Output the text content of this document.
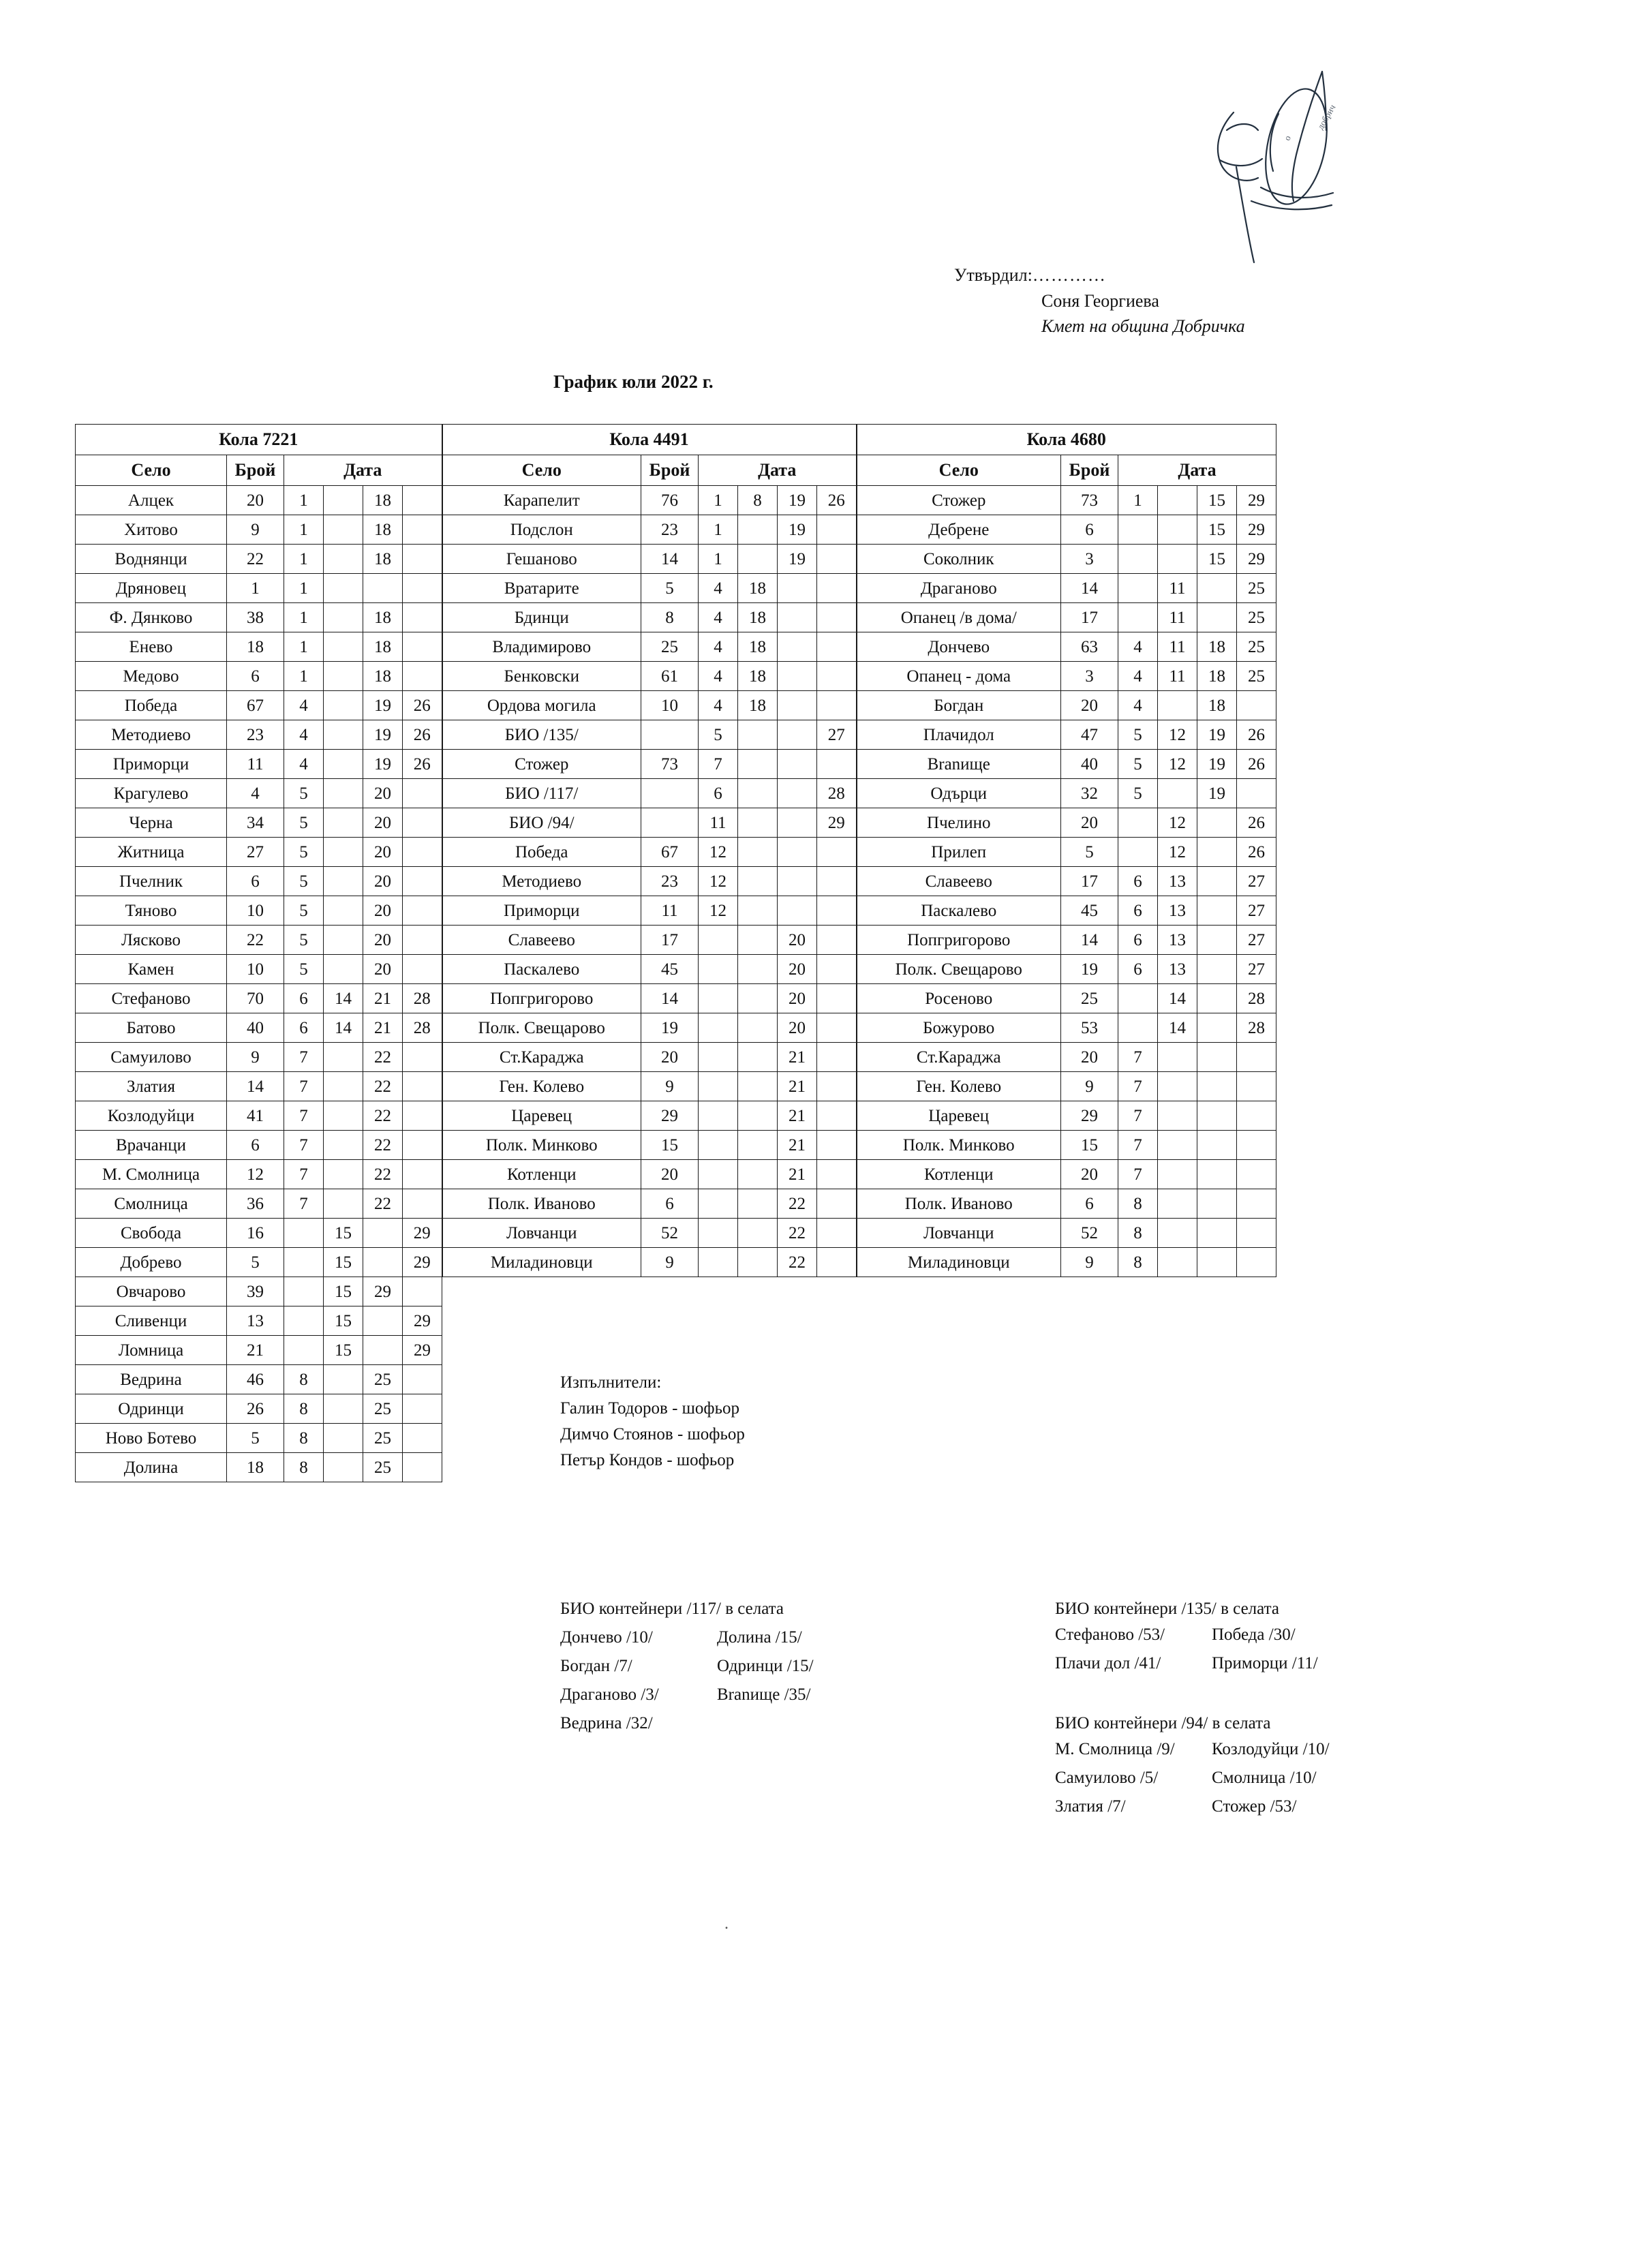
о
добрич
Утвърдил:…………
Соня Георгиева
Кмет на община Добричка
График юли 2022 г.
Кола 7221						Кола 4491						Кола 4680					
Село	Брой	Дата				Село	Брой	Дата				Село	Брой	Дата			
Алцек	20	1		18		Карапелит	76	1	8	19	26	Стожер	73	1		15	29
Хитово	9	1		18		Подслон	23	1		19		Дебрене	6			15	29
Воднянци	22	1		18		Гешаново	14	1		19		Соколник	3			15	29
Дряновец	1	1				Вратарите	5	4	18			Драганово	14		11		25
Ф. Дянково	38	1		18		Бдинци	8	4	18			Опанец /в дома/	17		11		25
Енево	18	1		18		Владимирово	25	4	18			Дончево	63	4	11	18	25
Медово	6	1		18		Бенковски	61	4	18			Опанец - дома	3	4	11	18	25
Победа	67	4		19	26	Ордова могила	10	4	18			Богдан	20	4		18	
Методиево	23	4		19	26	БИО /135/		5			27	Плачидол	47	5	12	19	26
Приморци	11	4		19	26	Стожер	73	7				Branище	40	5	12	19	26
Крагулево	4	5		20		БИО /117/		6			28	Одърци	32	5		19	
Черна	34	5		20		БИО /94/		11			29	Пчелино	20		12		26
Житница	27	5		20		Победа	67	12				Прилеп	5		12		26
Пчелник	6	5		20		Методиево	23	12				Славеево	17	6	13		27
Тяново	10	5		20		Приморци	11	12				Паскалево	45	6	13		27
Лясково	22	5		20		Славеево	17			20		Попгригорово	14	6	13		27
Камен	10	5		20		Паскалево	45			20		Полк. Свещарово	19	6	13		27
Стефаново	70	6	14	21	28	Попгригорово	14			20		Росеново	25		14		28
Батово	40	6	14	21	28	Полк. Свещарово	19			20		Божурово	53		14		28
Самуилово	9	7		22		Ст.Караджа	20			21		Ст.Караджа	20	7			
Златия	14	7		22		Ген. Колево	9			21		Ген. Колево	9	7			
Козлодуйци	41	7		22		Царевец	29			21		Царевец	29	7			
Врачанци	6	7		22		Полк. Минково	15			21		Полк. Минково	15	7			
М. Смолница	12	7		22		Котленци	20			21		Котленци	20	7			
Смолница	36	7		22		Полк. Иваново	6			22		Полк. Иваново	6	8			
Свобода	16		15		29	Ловчанци	52			22		Ловчанци	52	8			
Добрево	5		15		29	Миладиновци	9			22		Миладиновци	9	8			
Овчарово	39		15	29													
Сливенци	13		15		29												
Ломница	21		15		29												
Ведрина	46	8		25													
Одринци	26	8		25													
Ново Ботево	5	8		25													
Долина	18	8		25													
Изпълнители:
Галин Тодоров - шофьор
Димчо Стоянов - шофьор
Петър Кондов - шофьор
БИО контейнери /117/ в селата
Дончево /10/	Долина /15/
Богдан /7/	Одринци /15/
Драганово /3/	Branище /35/
Ведрина /32/
БИО контейнери /135/ в селата
Стефаново /53/	Победа /30/
Плачи дол /41/	Приморци /11/
БИО контейнери /94/ в селата
М. Смолница /9/	Козлодуйци /10/
Самуилово /5/	Смолница /10/
Златия /7/	Стожер /53/
.
